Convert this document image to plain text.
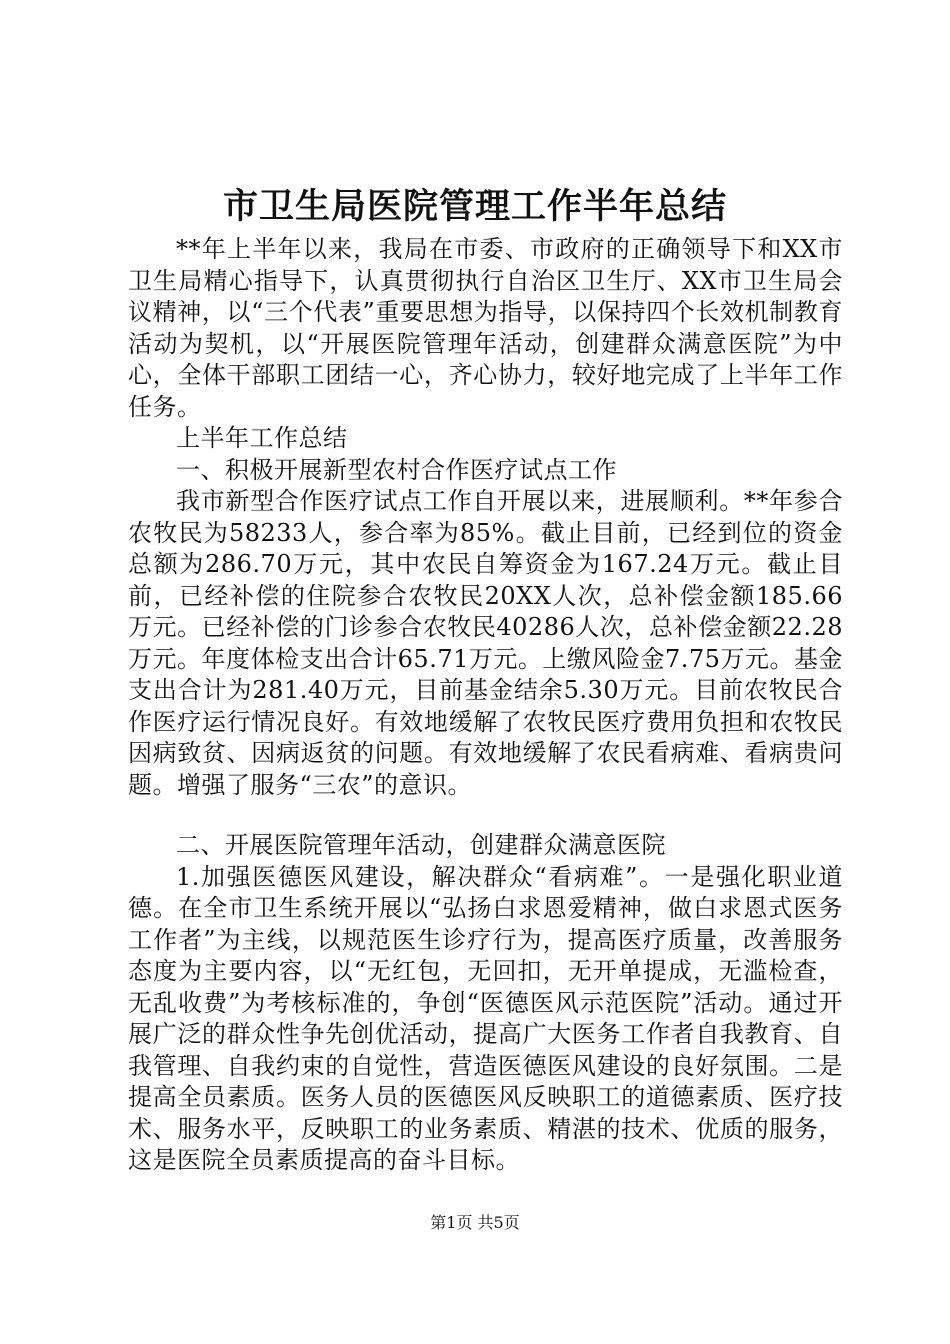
市卫生局医院管理工作半年总结

**年上半年以来，我局在市委、市政府的正确领导下和XX市卫生局精心指导下，认真贯彻执行自治区卫生厅、XX市卫生局会议精神，以“三个代表”重要思想为指导，以保持四个长效机制教育活动为契机，以“开展医院管理年活动，创建群众满意医院”为中心，全体干部职工团结一心，齐心协力，较好地完成了上半年工作任务。

上半年工作总结

一、积极开展新型农村合作医疗试点工作

我市新型合作医疗试点工作自开展以来，进展顺利。**年参合农牧民为58233人，参合率为85%。截止目前，已经到位的资金总额为286.70万元，其中农民自筹资金为167.24万元。截止目前，已经补偿的住院参合农牧民20XX人次，总补偿金额185.66万元。已经补偿的门诊参合农牧民40286人次，总补偿金额22.28万元。年度体检支出合计65.71万元。上缴风险金7.75万元。基金支出合计为281.40万元，目前基金结余5.30万元。目前农牧民合作医疗运行情况良好。有效地缓解了农牧民医疗费用负担和农牧民因病致贫、因病返贫的问题。有效地缓解了农民看病难、看病贵问题。增强了服务“三农”的意识。

二、开展医院管理年活动，创建群众满意医院

1.加强医德医风建设，解决群众“看病难”。一是强化职业道德。在全市卫生系统开展以“弘扬白求恩爱精神，做白求恩式医务工作者”为主线，以规范医生诊疗行为，提高医疗质量，改善服务态度为主要内容，以“无红包，无回扣，无开单提成，无滥检查，无乱收费”为考核标准的，争创“医德医风示范医院”活动。通过开展广泛的群众性争先创优活动，提高广大医务工作者自我教育、自我管理、自我约束的自觉性，营造医德医风建设的良好氛围。二是提高全员素质。医务人员的医德医风反映职工的道德素质、医疗技术、服务水平，反映职工的业务素质、精湛的技术、优质的服务，这是医院全员素质提高的奋斗目标。

第1页 共5页
